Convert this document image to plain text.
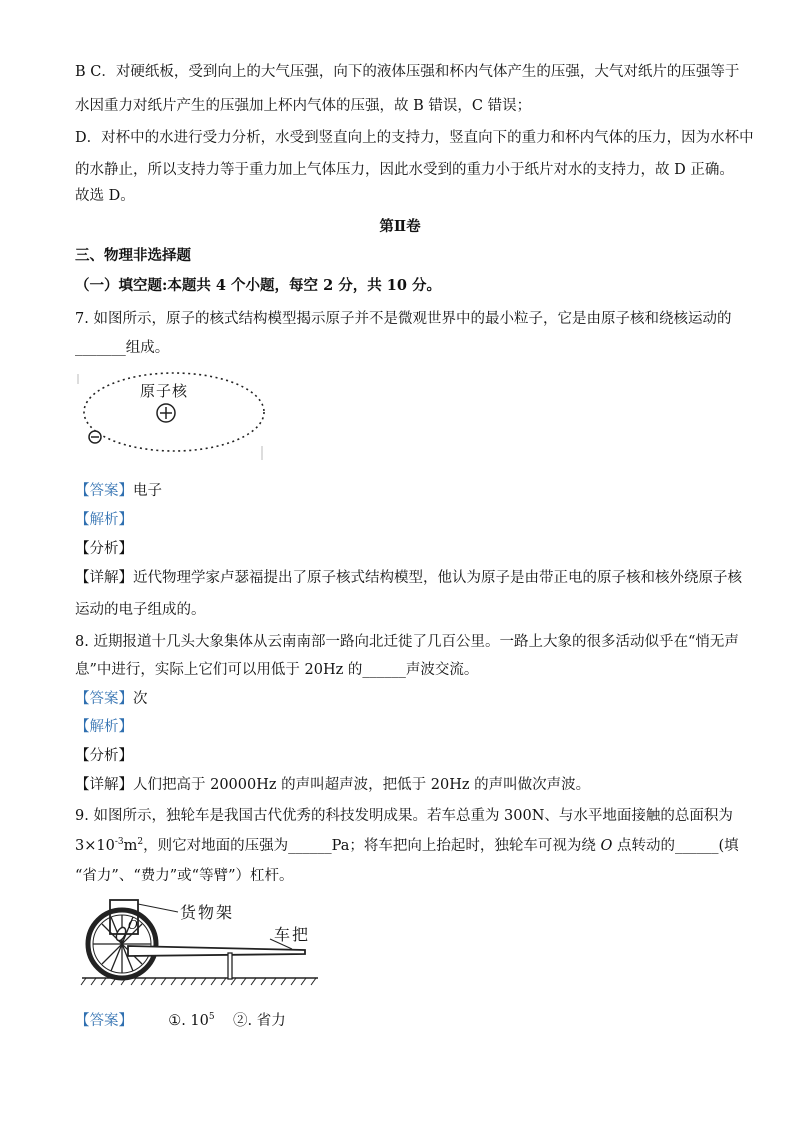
B C．对硬纸板，受到向上的大气压强，向下的液体压强和杯内气体产生的压强，大气对纸片的压强等于
水因重力对纸片产生的压强加上杯内气体的压强，故 B 错误，C 错误；
D．对杯中的水进行受力分析，水受到竖直向上的支持力，竖直向下的重力和杯内气体的压力，因为水杯中
的水静止，所以支持力等于重力加上气体压力，因此水受到的重力小于纸片对水的支持力，故 D 正确。
故选 D。
第Ⅱ卷
三、物理非选择题
（一）填空题:本题共 4 个小题，每空 2 分，共 10 分。
7. 如图所示，原子的核式结构模型揭示原子并不是微观世界中的最小粒子，它是由原子核和绕核运动的
_______组成。
原子核
【答案】电子
【解析】
【分析】
【详解】近代物理学家卢瑟福提出了原子核式结构模型，他认为原子是由带正电的原子核和核外绕原子核
运动的电子组成的。
8. 近期报道十几头大象集体从云南南部一路向北迁徙了几百公里。一路上大象的很多活动似乎在“悄无声
息”中进行，实际上它们可以用低于 20Hz 的______声波交流。
【答案】次
【解析】
【分析】
【详解】人们把高于 20000Hz 的声叫超声波，把低于 20Hz 的声叫做次声波。
9. 如图所示，独轮车是我国古代优秀的科技发明成果。若车总重为 300N、与水平地面接触的总面积为
$3\times 10^{-3}m^2$，则它对地面的压强为______Pa；将车把向上抬起时，独轮车可视为绕 O 点转动的______(填
“省力”、“费力”或“等臂”）杠杆。
货物架
车把
O
【答案】 ①. $10^5$    ②. 省力
